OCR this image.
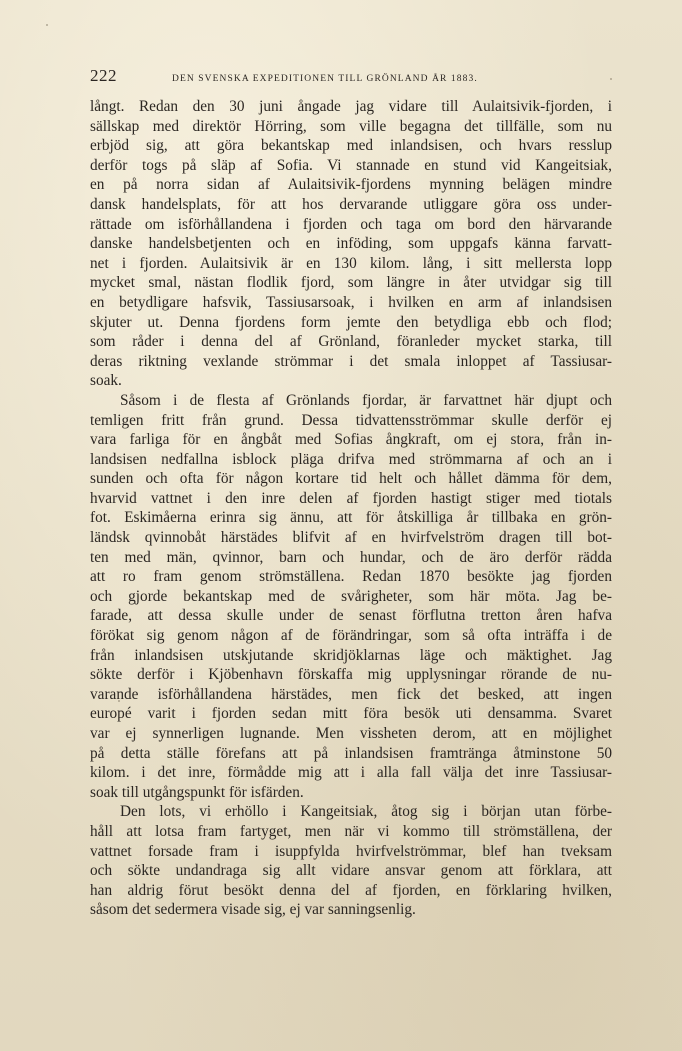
222	DEN SVENSKA EXPEDITIONEN TILL GRÖNLAND ÅR 1883.

långt. Redan den 30 juni ångade jag vidare till Aulaitsivik-fjorden, i
sällskap med direktör Hörring, som ville begagna det tillfälle, som nu
erbjöd sig, att göra bekantskap med inlandsisen, och hvars resslup
derför togs på släp af Sofia. Vi stannade en stund vid Kangeitsiak,
en på norra sidan af Aulaitsivik-fjordens mynning belägen mindre
dansk handelsplats, för att hos dervarande utliggare göra oss under-
rättade om isförhållandena i fjorden och taga om bord den härvarande
danske handelsbetjenten och en inföding, som uppgafs känna farvatt-
net i fjorden. Aulaitsivik är en 130 kilom. lång, i sitt mellersta lopp
mycket smal, nästan flodlik fjord, som längre in åter utvidgar sig till
en betydligare hafsvik, Tassiusarsoak, i hvilken en arm af inlandsisen
skjuter ut. Denna fjordens form jemte den betydliga ebb och flod;
som råder i denna del af Grönland, föranleder mycket starka, till
deras riktning vexlande strömmar i det smala inloppet af Tassiusar-
soak.

Såsom i de flesta af Grönlands fjordar, är farvattnet här djupt och
temligen fritt från grund. Dessa tidvattensströmmar skulle derför ej
vara farliga för en ångbåt med Sofias ångkraft, om ej stora, från in-
landsisen nedfallna isblock pläga drifva med strömmarna af och an i
sunden och ofta för någon kortare tid helt och hållet dämma för dem,
hvarvid vattnet i den inre delen af fjorden hastigt stiger med tiotals
fot. Eskimåerna erinra sig ännu, att för åtskilliga år tillbaka en grön-
ländsk qvinnobåt härstädes blifvit af en hvirfvelström dragen till bot-
ten med män, qvinnor, barn och hundar, och de äro derför rädda
att ro fram genom strömställena. Redan 1870 besökte jag fjorden
och gjorde bekantskap med de svårigheter, som här möta. Jag be-
farade, att dessa skulle under de senast förflutna tretton åren hafva
förökat sig genom någon af de förändringar, som så ofta inträffa i de
från inlandsisen utskjutande skridjöklarnas läge och mäktighet. Jag
sökte derför i Kjöbenhavn förskaffa mig upplysningar rörande de nu-
varande isförhållandena härstädes, men fick det besked, att ingen
europé varit i fjorden sedan mitt förа besök uti densamma. Svaret
var ej synnerligen lugnande. Men vissheten derom, att en möjlighet
på detta ställe förefans att på inlandsisen framtränga åtminstone 50
kilom. i det inre, förmådde mig att i alla fall välja det inre Tassiusar-
soak till utgångspunkt för isfärden.

Den lots, vi erhöllo i Kangeitsiak, åtog sig i början utan förbe-
håll att lotsa fram fartyget, men när vi kommo till strömställena, der
vattnet forsade fram i isuppfylda hvirfvelströmmar, blef han tveksam
och sökte undandraga sig allt vidare ansvar genom att förklara, att
han aldrig förut besökt denna del af fjorden, en förklaring hvilken,
såsom det sedermera visade sig, ej var sanningsenlig.
